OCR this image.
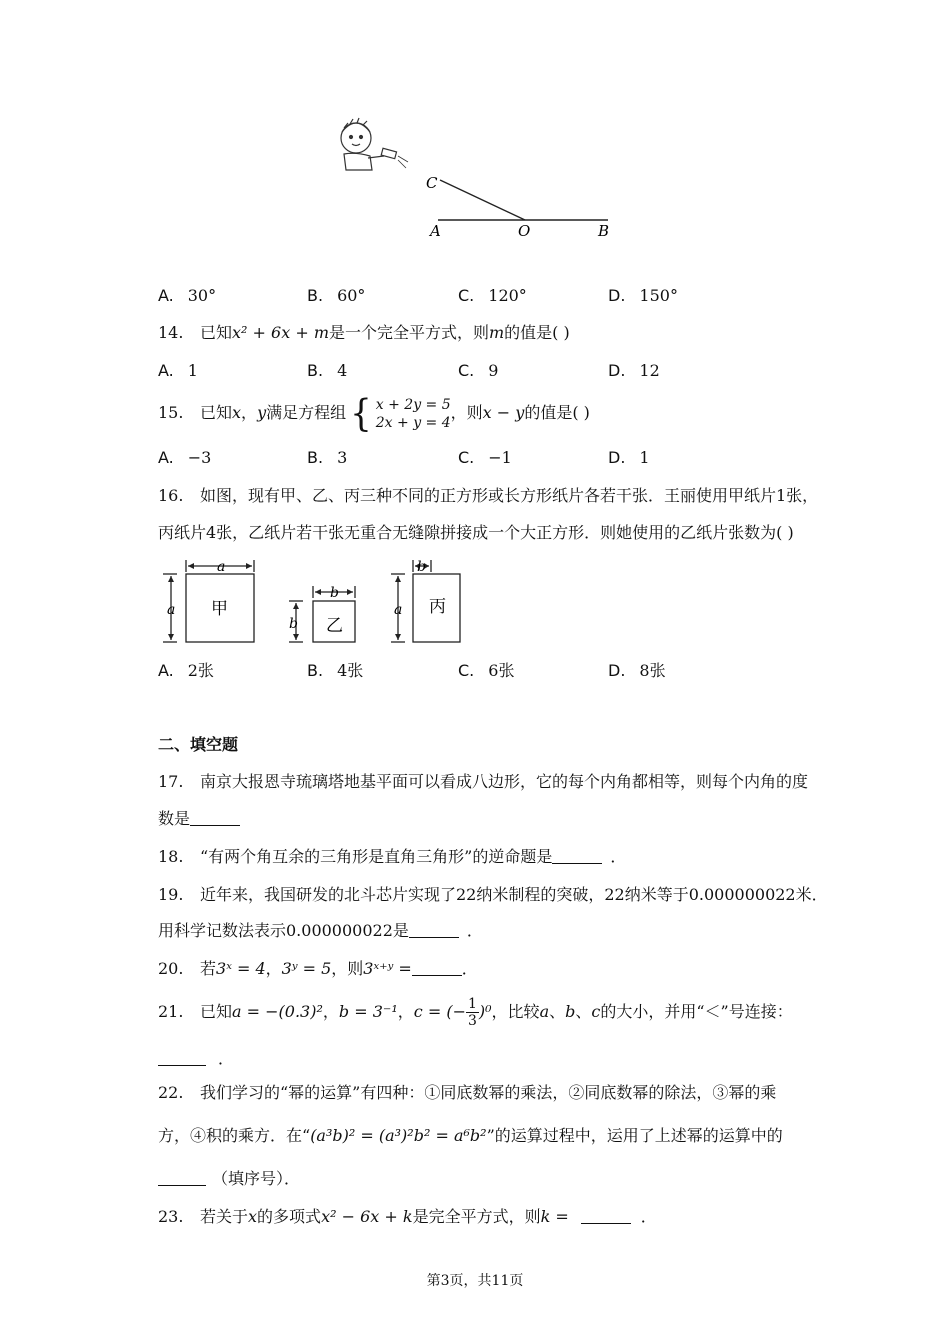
C
A	O	B
A. 30°	B. 60°	C. 120°	D. 150°
14. 已知x² + 6x + m是一个完全平方式，则m的值是( )
A. 1	B. 4	C. 9	D. 12
15. 已知x，y满足方程组 { x + 2y = 5
2x + y = 4
，则x − y的值是( )
A. −3	B. 3	C. −1	D. 1
16. 如图，现有甲、乙、丙三种不同的正方形或长方形纸片各若干张．王丽使用甲纸片1张，
丙纸片4张，乙纸片若干张无重合无缝隙拼接成一个大正方形．则她使用的乙纸片张数为( )
a
a
b
b
b
a
甲
乙
丙
A. 2张	B. 4张	C. 6张	D. 8张
二、填空题
17. 南京大报恩寺琉璃塔地基平面可以看成八边形，它的每个内角都相等，则每个内角的度
数是
18. “有两个角互余的三角形是直角三角形”的逆命题是	．
19. 近年来，我国研发的北斗芯片实现了22纳米制程的突破，22纳米等于0.000000022米．
用科学记数法表示0.000000022是	．
20. 若3ˣ = 4，3ʸ = 5，则3ˣ⁺ʸ =	．
21. 已知a = −(0.3)²，b = 3⁻¹，c = (− $\frac{1}{3} )^0$，比较a、b、c的大小，并用“＜”号连接：
．
22. 我们学习的“幂的运算”有四种：①同底数幂的乘法，②同底数幂的除法，③幂的乘
方，④积的乘方．在“(a³b)² = (a³)²b² = a⁶b²”的运算过程中，运用了上述幂的运算中的
（填序号）．
23. 若关于x的多项式x² − 6x + k是完全平方式，则k =	．
第3页，共11页
